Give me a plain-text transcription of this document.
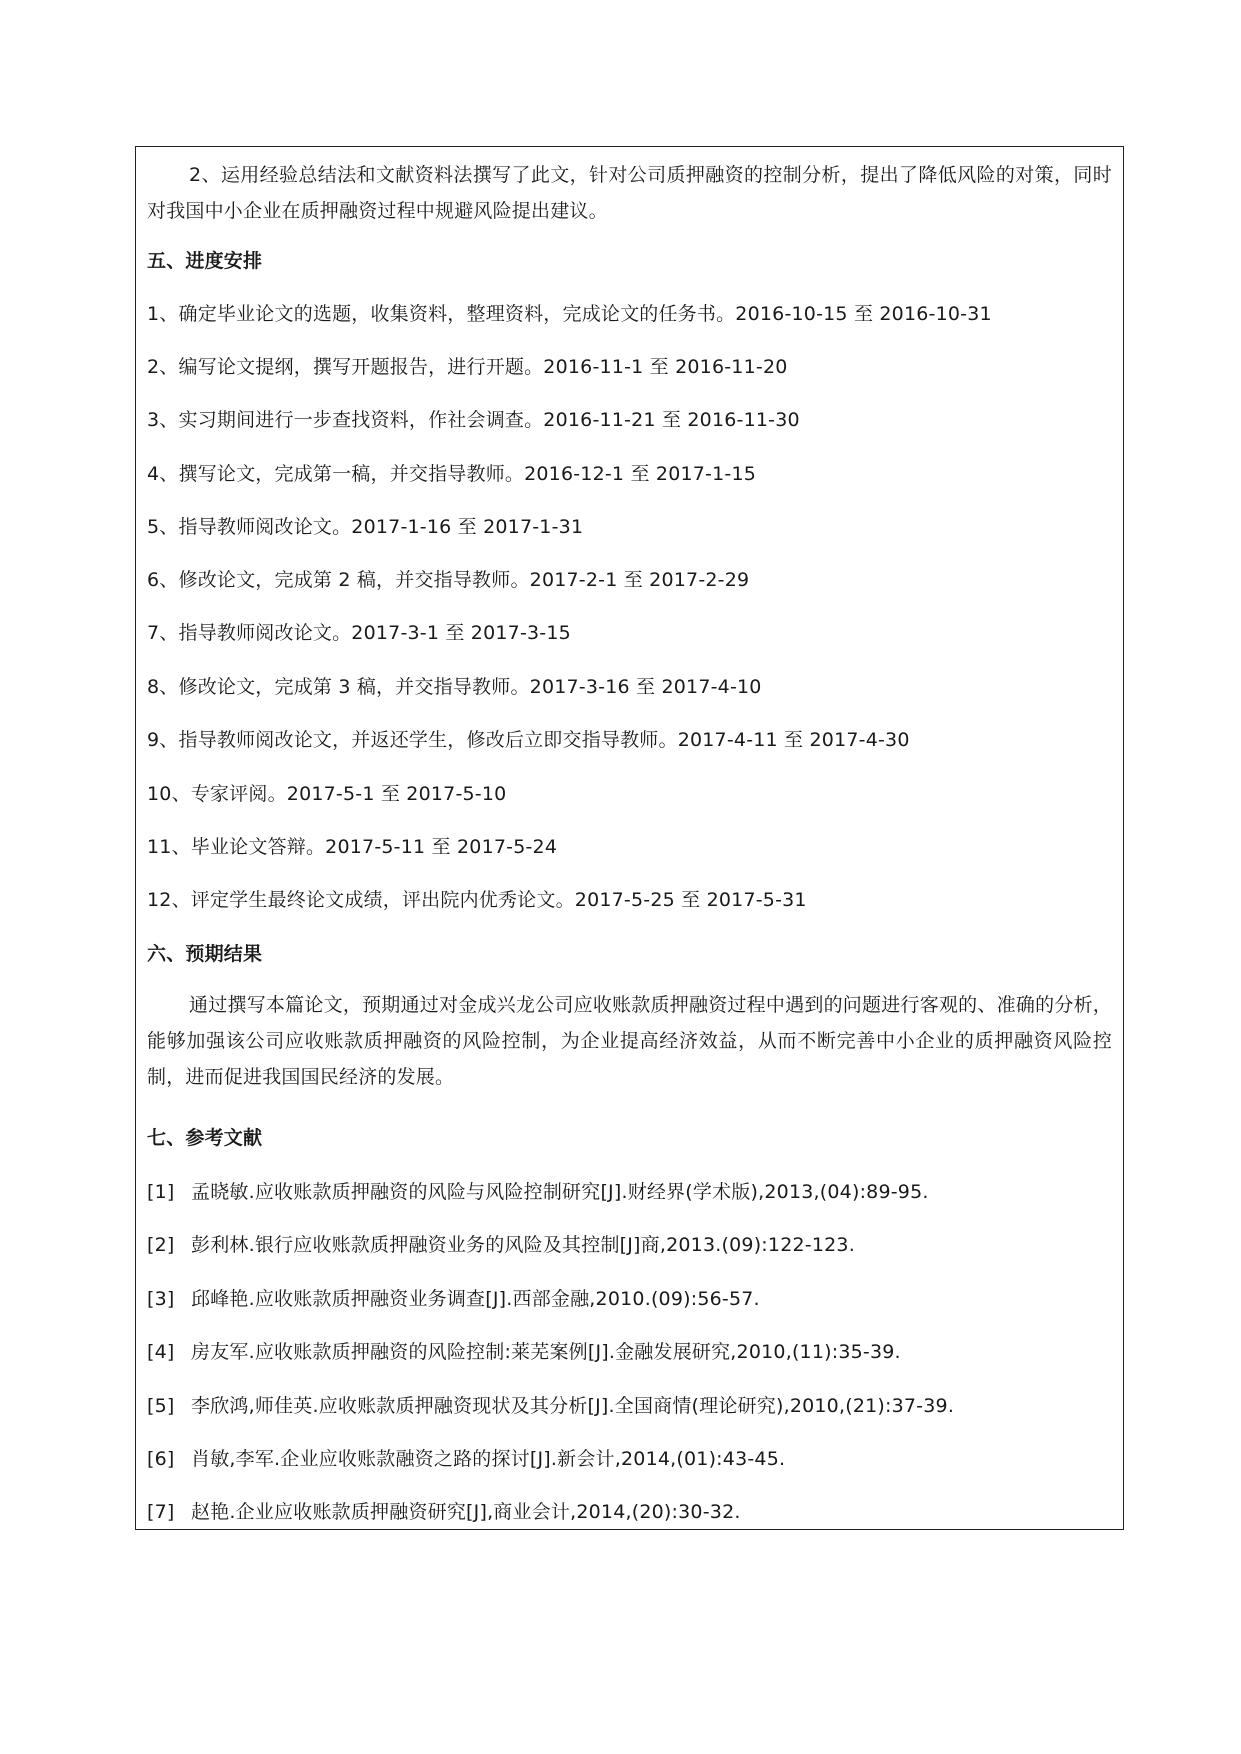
2、运用经验总结法和文献资料法撰写了此文，针对公司质押融资的控制分析，提出了降低风险的对策，同时对我国中小企业在质押融资过程中规避风险提出建议。
五、进度安排
1、确定毕业论文的选题，收集资料，整理资料，完成论文的任务书。2016-10-15 至 2016-10-31
2、编写论文提纲，撰写开题报告，进行开题。2016-11-1 至 2016-11-20
3、实习期间进行一步查找资料，作社会调查。2016-11-21 至 2016-11-30
4、撰写论文，完成第一稿，并交指导教师。2016-12-1 至 2017-1-15
5、指导教师阅改论文。2017-1-16 至 2017-1-31
6、修改论文，完成第 2 稿，并交指导教师。2017-2-1 至 2017-2-29
7、指导教师阅改论文。2017-3-1 至 2017-3-15
8、修改论文，完成第 3 稿，并交指导教师。2017-3-16 至 2017-4-10
9、指导教师阅改论文，并返还学生，修改后立即交指导教师。2017-4-11 至 2017-4-30
10、专家评阅。2017-5-1 至 2017-5-10
11、毕业论文答辩。2017-5-11 至 2017-5-24
12、评定学生最终论文成绩，评出院内优秀论文。2017-5-25 至 2017-5-31
六、预期结果
通过撰写本篇论文，预期通过对金成兴龙公司应收账款质押融资过程中遇到的问题进行客观的、准确的分析，能够加强该公司应收账款质押融资的风险控制，为企业提高经济效益，从而不断完善中小企业的质押融资风险控制，进而促进我国国民经济的发展。
七、参考文献
[1] 孟晓敏.应收账款质押融资的风险与风险控制研究[J].财经界(学术版),2013,(04):89-95.
[2] 彭利林.银行应收账款质押融资业务的风险及其控制[J]商,2013.(09):122-123.
[3] 邱峰艳.应收账款质押融资业务调查[J].西部金融,2010.(09):56-57.
[4] 房友军.应收账款质押融资的风险控制:莱芜案例[J].金融发展研究,2010,(11):35-39.
[5] 李欣鸿,师佳英.应收账款质押融资现状及其分析[J].全国商情(理论研究),2010,(21):37-39.
[6] 肖敏,李军.企业应收账款融资之路的探讨[J].新会计,2014,(01):43-45.
[7] 赵艳.企业应收账款质押融资研究[J],商业会计,2014,(20):30-32.
